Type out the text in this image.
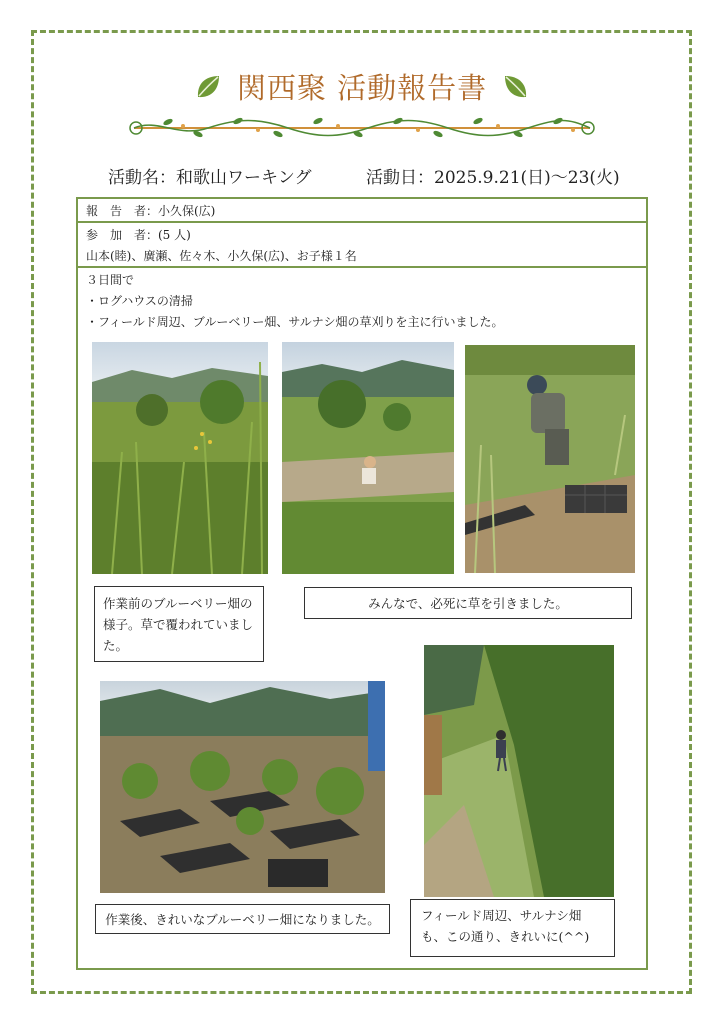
関西聚 活動報告書
活動名：和歌山ワーキング	活動日：2025.9.21(日)〜23(火)
報　告　者：小久保(広)
参　加　者：(5 人)
山本(睦)、廣瀬、佐々木、小久保(広)、お子様１名
３日間で
・ログハウスの清掃
・フィールド周辺、ブルーベリー畑、サルナシ畑の草刈りを主に行いました。
作業前のブルーベリー畑の様子。草で覆われていました。
みんなで、必死に草を引きました。
作業後、きれいなブルーベリー畑になりました。	フィールド周辺、サルナシ畑も、この通り、きれいに(^^)
